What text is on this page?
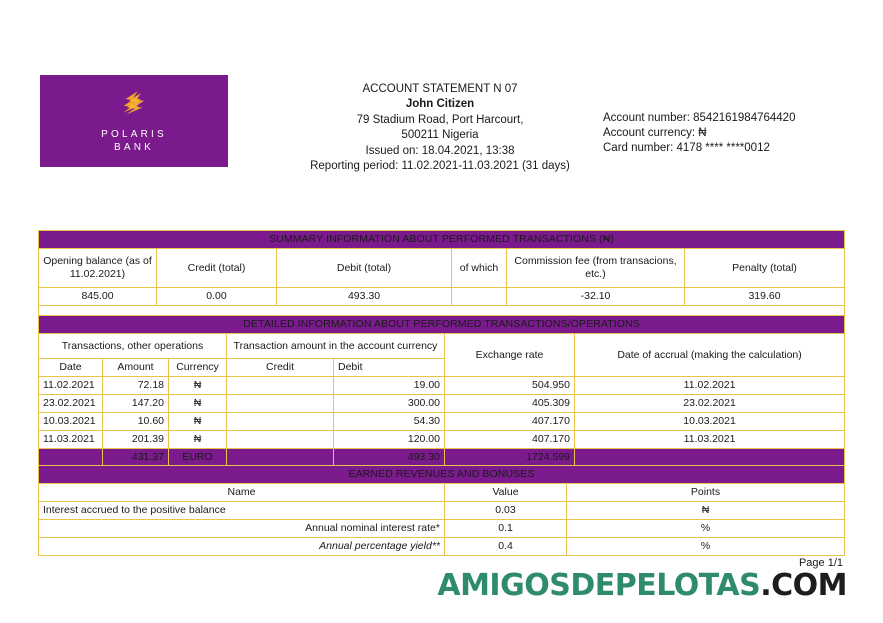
POLARIS
BANK
ACCOUNT STATEMENT N 07
John Citizen
79 Stadium Road, Port Harcourt,
500211 Nigeria
Issued on: 18.04.2021, 13:38
Reporting period: 11.02.2021-11.03.2021 (31 days)
Account number: 8542161984764420
Account currency: ₦
Card number: 4178 **** ****0012
SUMMARY INFORMATION ABOUT PERFORMED TRANSACTIONS (₦)					
Opening balance (as of 11.02.2021)	Credit (total)	Debit (total)	of which	Commission fee (from transacions, etc.)	Penalty (total)
845.00	0.00	493.30		-32.10	319.60

DETAILED INFORMATION ABOUT PERFORMED TRANSACTIONS/OPERATIONS						
Transactions, other operations			Transaction amount in the account currency		Exchange rate	Date of accrual (making the calculation)
Date	Amount	Currency	Credit	Debit		
11.02.2021	72.18	₦		19.00	504.950	11.02.2021
23.02.2021	147.20	₦		300.00	405.309	23.02.2021
10.03.2021	10.60	₦		54.30	407.170	10.03.2021
11.03.2021	201.39	₦		120.00	407.170	11.03.2021
	431.37	EURO		493.30	1724.599	

EARNED REVENUES AND BONUSES		
Name	Value	Points
Interest accrued to the positive balance	0.03	₦
Annual nominal interest rate*	0.1	%
Annual percentage yield**	0.4	%
Page 1/1
AMIGOSDEPELOTAS.COM
